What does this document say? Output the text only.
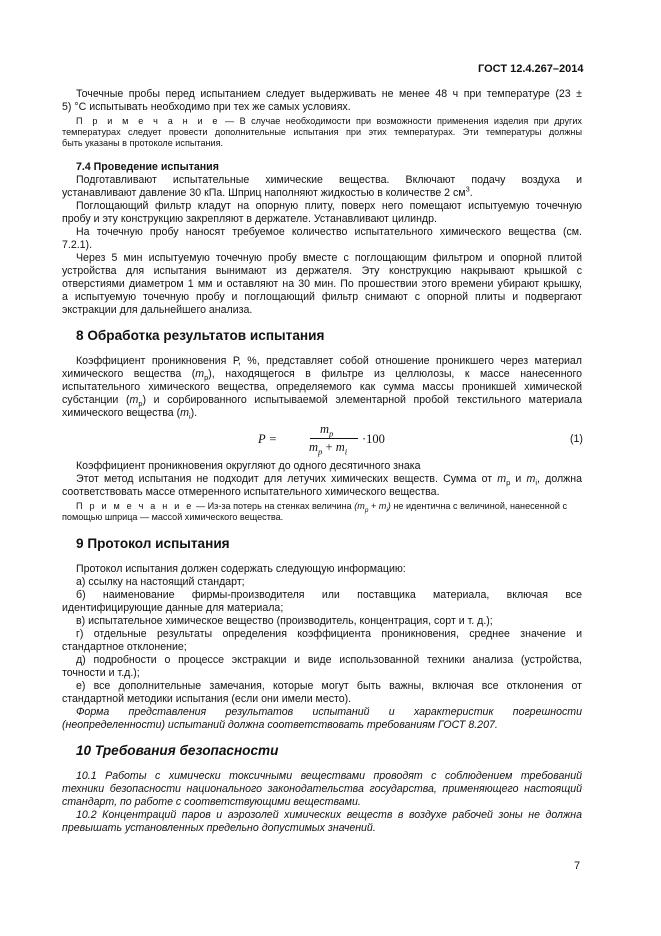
ГОСТ 12.4.267–2014
Точечные пробы перед испытанием следует выдерживать не менее 48 ч при температуре (23 ±
5) °С испытывать необходимо при тех же самых условиях.
П р и м е ч а н и е — В случае необходимости при возможности применения изделия при других
температурах следует провести дополнительные испытания при этих температурах. Эти температуры должны
быть указаны в протоколе испытания.
7.4 Проведение испытания
Подготавливают испытательные химические вещества. Включают подачу воздуха и
устанавливают давление 30 кПа. Шприц наполняют жидкостью в количестве 2 $см^3$.
Поглощающий фильтр кладут на опорную плиту, поверх него помещают испытуемую точечную
пробу и эту конструкцию закрепляют в держателе. Устанавливают цилиндр.
На точечную пробу наносят требуемое количество испытательного химического вещества (см.
7.2.1).
Через 5 мин испытуемую точечную пробу вместе с поглощающим фильтром и опорной плитой
устройства для испытания вынимают из держателя. Эту конструкцию накрывают крышкой с
отверстиями диаметром 1 мм и оставляют на 30 мин. По прошествии этого времени убирают крышку,
а испытуемую точечную пробу и поглощающий фильтр снимают с опорной плиты и подвергают
экстракции для дальнейшего анализа.
8 Обработка результатов испытания
Коэффициент проникновения Р, %, представляет собой отношение проникшего через материал
химического вещества $(m_p)$, находящегося в фильтре из целлюлозы, к массе нанесенного
испытательного химического вещества, определяемого как сумма массы проникшей химической
субстанции $(m_p)$ и сорбированного испытываемой элементарной пробой текстильного материала
химического вещества $(m_i)$.
P =
$m_p$
$m_p + m_i$
·100	(1)
Коэффициент проникновения округляют до одного десятичного знака
Этот метод испытания не подходит для летучих химических веществ. Сумма от $m_p$ и $m_i$, должна
соответствовать массе отмеренного испытательного химического вещества.
П р и м е ч а н и е — Из-за потерь на стенках величина $(m_p + m_i)$ не идентична с величиной, нанесенной с
помощью шприца — массой химического вещества.
9 Протокол испытания
Протокол испытания должен содержать следующую информацию:
а) ссылку на настоящий стандарт;
б) наименование фирмы-производителя или поставщика материала, включая все
идентифицирующие данные для материала;
в) испытательное химическое вещество (производитель, концентрация, сорт и т. д.);
г) отдельные результаты определения коэффициента проникновения, среднее значение и
стандартное отклонение;
д) подробности о процессе экстракции и виде использованной техники анализа (устройства,
точности и т.д.);
е) все дополнительные замечания, которые могут быть важны, включая все отклонения от
стандартной методики испытания (если они имели место).
Форма представления результатов испытаний и характеристик погрешности
(неопределенности) испытаний должна соответствовать требованиям ГОСТ 8.207.
10 Требования безопасности
10.1 Работы с химически токсичными веществами проводят с соблюдением требований
техники безопасности национального законодательства государства, применяющего настоящий
стандарт, по работе с соответствующими веществами.
10.2 Концентраций паров и аэрозолей химических веществ в воздухе рабочей зоны не должна
превышать установленных предельно допустимых значений.
7
